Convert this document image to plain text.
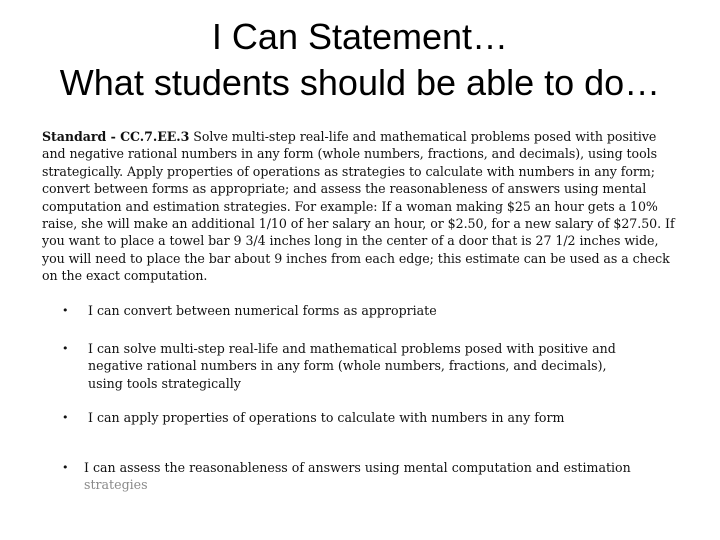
I Can Statement…
What students should be able to do…

Standard - CC.7.EE.3 Solve multi-step real-life and mathematical problems posed with positive and negative rational numbers in any form (whole numbers, fractions, and decimals), using tools strategically. Apply properties of operations as strategies to calculate with numbers in any form; convert between forms as appropriate; and assess the reasonableness of answers using mental computation and estimation strategies. For example: If a woman making $25 an hour gets a 10% raise, she will make an additional 1/10 of her salary an hour, or $2.50, for a new salary of $27.50. If you want to place a towel bar 9 3/4 inches long in the center of a door that is 27 1/2 inches wide, you will need to place the bar about 9 inches from each edge; this estimate can be used as a check on the exact computation.

•	I can convert between numerical forms as appropriate
•	I can solve multi-step real-life and mathematical problems posed with positive and negative rational numbers in any form (whole numbers, fractions, and decimals), using tools strategically
•	I can apply properties of operations to calculate with numbers in any form
•	I can assess the reasonableness of answers using mental computation and estimation
strategies
